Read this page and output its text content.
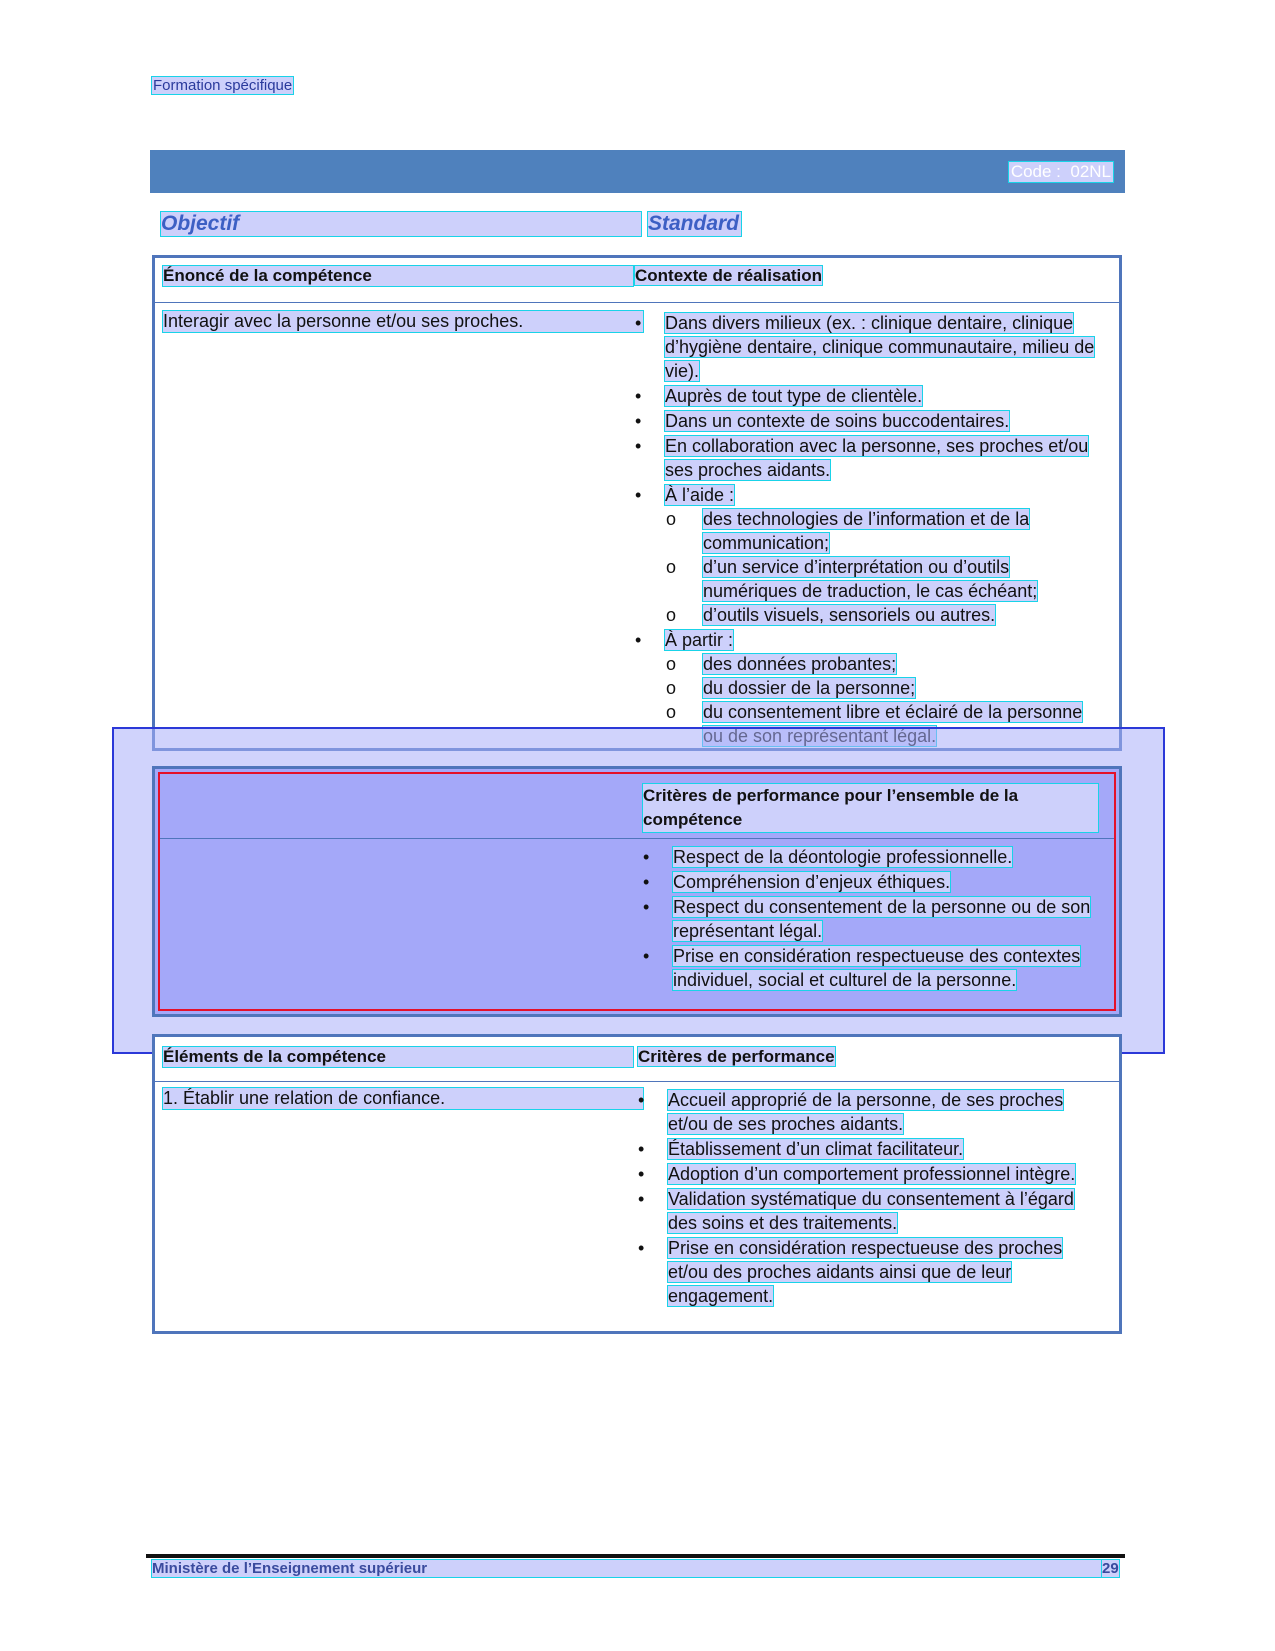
Formation spécifique
Code : 02NL
Objectif	Standard
Énoncé de la compétence	Contexte de réalisation
Interagir avec la personne et/ou ses proches.	•	Dans divers milieux (ex. : clinique dentaire, clinique d’hygiène dentaire, clinique communautaire, milieu de vie).
•	Auprès de tout type de clientèle.
•	Dans un contexte de soins buccodentaires.
•	En collaboration avec la personne, ses proches et/ou ses proches aidants.
•	À l’aide :
o des technologies de l’information et de la communication;
o d’un service d’interprétation ou d’outils numériques de traduction, le cas échéant;
o d’outils visuels, sensoriels ou autres.
•	À partir :
o des données probantes;
o du dossier de la personne;
o du consentement libre et éclairé de la personne
Critères de performance pour l’ensemble de la compétence
•	Respect de la déontologie professionnelle.
•	Compréhension d’enjeux éthiques.
•	Respect du consentement de la personne ou de son représentant légal.
•	Prise en considération respectueuse des contextes individuel, social et culturel de la personne.
Éléments de la compétence	Critères de performance
1. Établir une relation de confiance.	•	Accueil approprié de la personne, de ses proches et/ou de ses proches aidants.
•	Établissement d’un climat facilitateur.
•	Adoption d’un comportement professionnel intègre.
•	Validation systématique du consentement à l’égard des soins et des traitements.
•	Prise en considération respectueuse des proches et/ou des proches aidants ainsi que de leur engagement.
Ministère de l’Enseignement supérieur	29
